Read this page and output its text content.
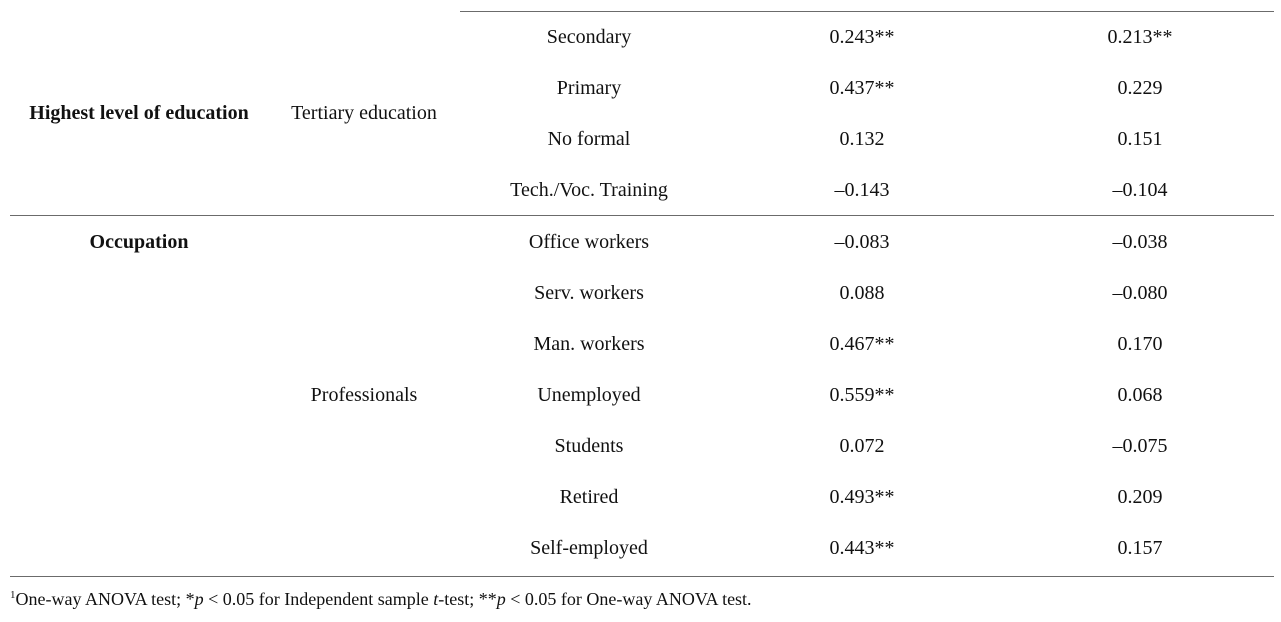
Highest level of education	Tertiary education
Secondary	0.243**	0.213**
Primary	0.437**	0.229
No formal	0.132	0.151
Tech./Voc. Training	–0.143	–0.104
Occupation
Professionals
Office workers	–0.083	–0.038
Serv. workers	0.088	–0.080
Man. workers	0.467**	0.170
Unemployed	0.559**	0.068
Students	0.072	–0.075
Retired	0.493**	0.209
Self-employed	0.443**	0.157
$^1$One-way ANOVA test; *p < 0.05 for Independent sample t-test; **p < 0.05 for One-way ANOVA test.
